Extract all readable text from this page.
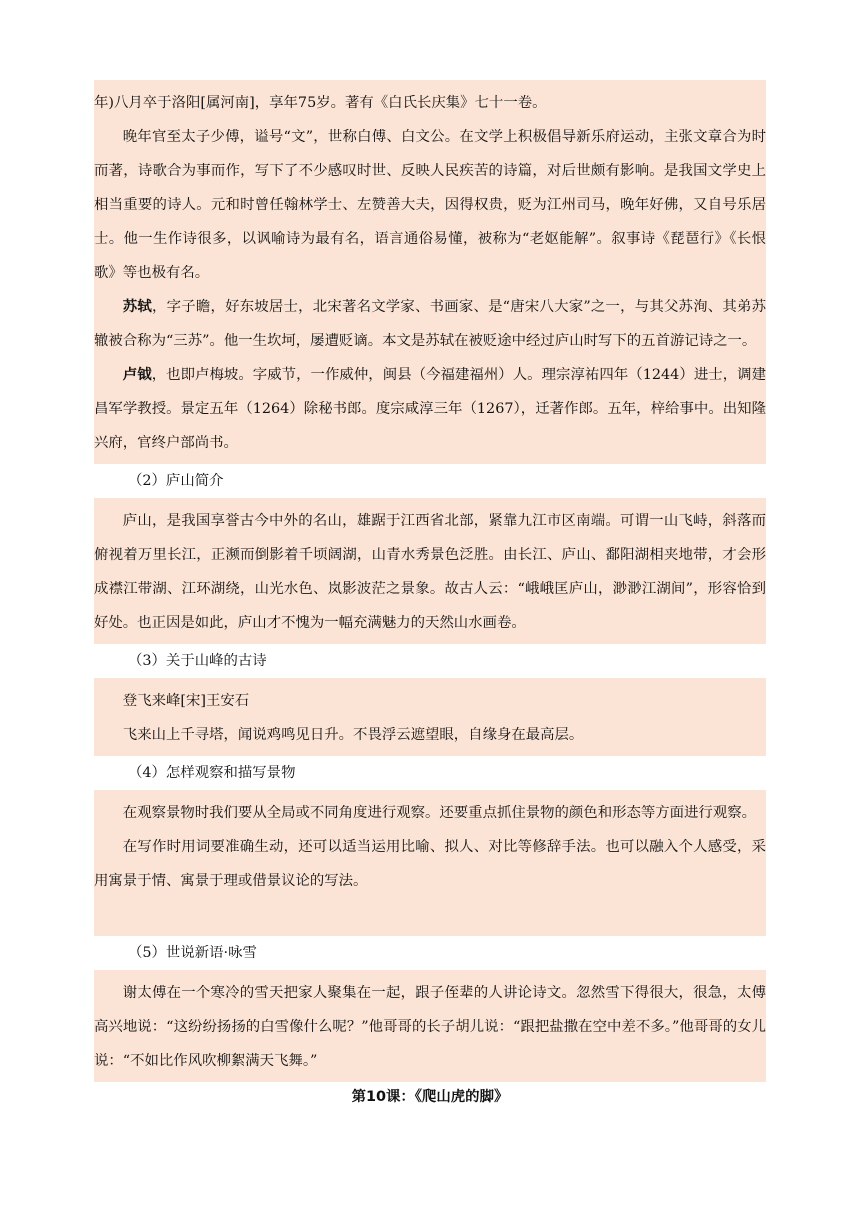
年)八月卒于洛阳[属河南]，享年75岁。著有《白氏长庆集》七十一卷。

晚年官至太子少傅，谥号“文”，世称白傅、白文公。在文学上积极倡导新乐府运动，主张文章合为时而著，诗歌合为事而作，写下了不少感叹时世、反映人民疾苦的诗篇，对后世颇有影响。是我国文学史上相当重要的诗人。元和时曾任翰林学士、左赞善大夫，因得权贵，贬为江州司马，晚年好佛，又自号乐居士。他一生作诗很多，以讽喻诗为最有名，语言通俗易懂，被称为“老妪能解”。叙事诗《琵琶行》《长恨歌》等也极有名。

苏轼，字子瞻，好东坡居士，北宋著名文学家、书画家、是“唐宋八大家”之一，与其父苏洵、其弟苏辙被合称为“三苏”。他一生坎坷，屡遭贬谪。本文是苏轼在被贬途中经过庐山时写下的五首游记诗之一。

卢钺，也即卢梅坡。字威节，一作威仲，闽县（今福建福州）人。理宗淳祐四年（1244）进士，调建昌军学教授。景定五年（1264）除秘书郎。度宗咸淳三年（1267），迁著作郎。五年，梓给事中。出知隆兴府，官终户部尚书。

（2）庐山简介

庐山，是我国享誉古今中外的名山，雄踞于江西省北部，紧靠九江市区南端。可谓一山飞峙，斜落而俯视着万里长江，正濒而倒影着千顷阔湖，山青水秀景色泛胜。由长江、庐山、鄱阳湖相夹地带，才会形成襟江带湖、江环湖绕，山光水色、岚影波茫之景象。故古人云：“峨峨匡庐山，渺渺江湖间”，形容恰到好处。也正因是如此，庐山才不愧为一幅充满魅力的天然山水画卷。

（3）关于山峰的古诗

登飞来峰[宋]王安石

飞来山上千寻塔，闻说鸡鸣见日升。不畏浮云遮望眼，自缘身在最高层。

（4）怎样观察和描写景物

在观察景物时我们要从全局或不同角度进行观察。还要重点抓住景物的颜色和形态等方面进行观察。

在写作时用词要准确生动，还可以适当运用比喻、拟人、对比等修辞手法。也可以融入个人感受，采用寓景于情、寓景于理或借景议论的写法。

（5）世说新语·咏雪

谢太傅在一个寒冷的雪天把家人聚集在一起，跟子侄辈的人讲论诗文。忽然雪下得很大，很急，太傅高兴地说：“这纷纷扬扬的白雪像什么呢？”他哥哥的长子胡儿说：“跟把盐撒在空中差不多。”他哥哥的女儿说：“不如比作风吹柳絮满天飞舞。”

第10课：《爬山虎的脚》
